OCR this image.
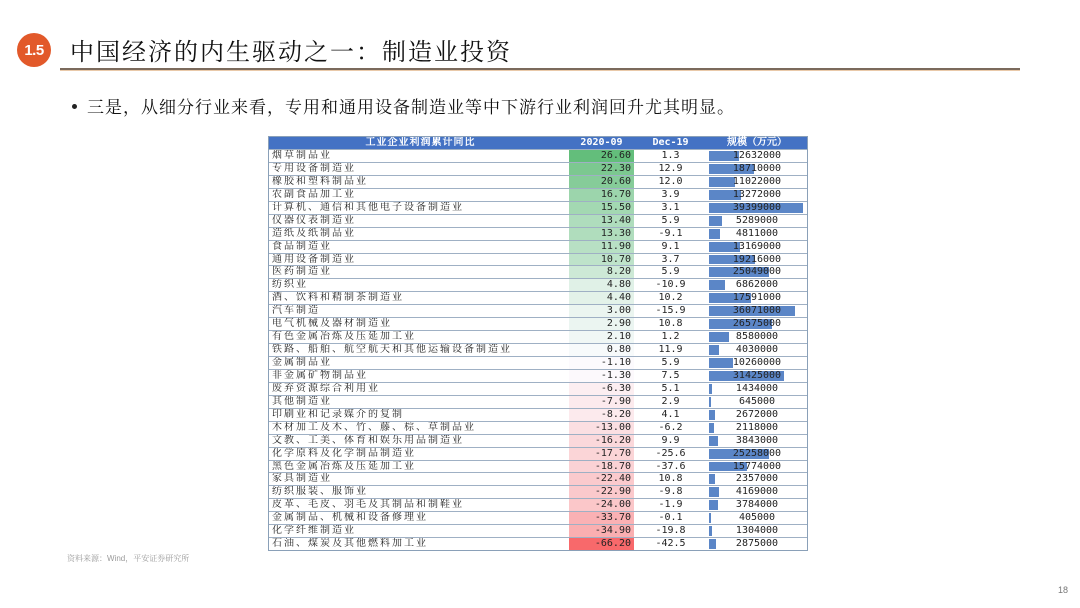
1.5	中国经济的内生驱动之一：制造业投资
三是，从细分行业来看，专用和通用设备制造业等中下游行业利润回升尤其明显。
工业企业利润累计同比	2020-09	Dec-19	规模（万元）
烟草制品业	26.60	1.3	12632000
专用设备制造业	22.30	12.9	18710000
橡胶和塑料制品业	20.60	12.0	11022000
农副食品加工业	16.70	3.9	13272000
计算机、通信和其他电子设备制造业	15.50	3.1	39399000
仪器仪表制造业	13.40	5.9	5289000
造纸及纸制品业	13.30	-9.1	4811000
食品制造业	11.90	9.1	13169000
通用设备制造业	10.70	3.7	19216000
医药制造业	8.20	5.9	25049000
纺织业	4.80	-10.9	6862000
酒、饮料和精制茶制造业	4.40	10.2	17591000
汽车制造	3.00	-15.9	36071000
电气机械及器材制造业	2.90	10.8	26575000
有色金属冶炼及压延加工业	2.10	1.2	8580000
铁路、船舶、航空航天和其他运输设备制造业	0.80	11.9	4030000
金属制品业	-1.10	5.9	10260000
非金属矿物制品业	-1.30	7.5	31425000
废弃资源综合利用业	-6.30	5.1	1434000
其他制造业	-7.90	2.9	645000
印刷业和记录媒介的复制	-8.20	4.1	2672000
木材加工及木、竹、藤、棕、草制品业	-13.00	-6.2	2118000
文教、工美、体育和娱乐用品制造业	-16.20	9.9	3843000
化学原料及化学制品制造业	-17.70	-25.6	25258000
黑色金属冶炼及压延加工业	-18.70	-37.6	15774000
家具制造业	-22.40	10.8	2357000
纺织服装、服饰业	-22.90	-9.8	4169000
皮革、毛皮、羽毛及其制品和制鞋业	-24.00	-1.9	3784000
金属制品、机械和设备修理业	-33.70	-0.1	405000
化学纤维制造业	-34.90	-19.8	1304000
石油、煤炭及其他燃料加工业	-66.20	-42.5	2875000
资料来源：Wind，平安证券研究所
18
